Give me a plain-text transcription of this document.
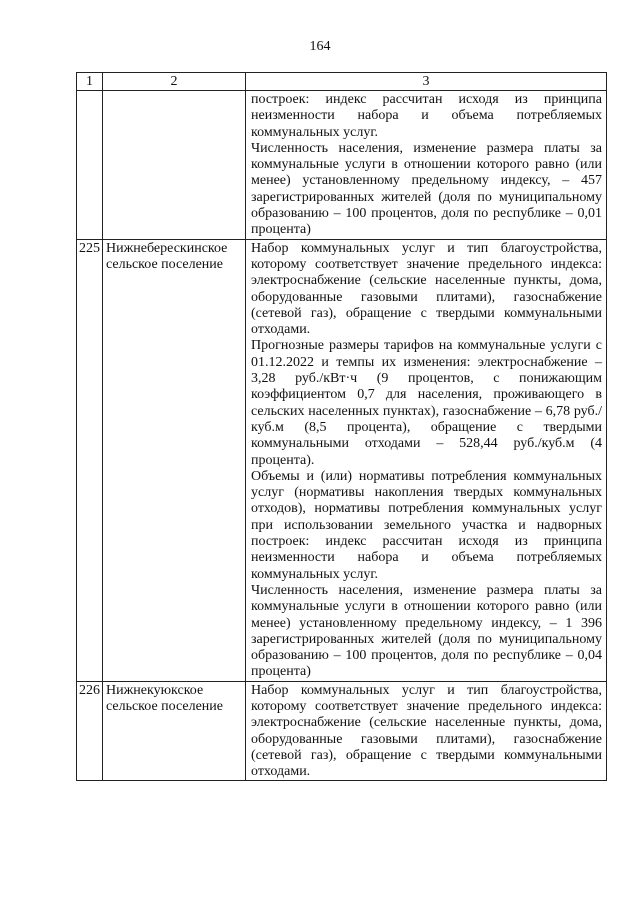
164
1	2	3

		построек: индекс рассчитан исходя из принципа неизменности набора и объема потребляемых коммунальных услуг.

Численность населения, изменение размера платы за коммунальные услуги в отношении которого равно (или менее) установленному предельному индексу, – 457 зарегистрированных жителей (доля по муниципальному образованию – 100 процентов, доля по республике – 0,01 процента)

225	Нижнеберескинское сельское поселение	Набор коммунальных услуг и тип благоустройства, которому соответствует значение предельного индекса: электроснабжение (сельские населенные пункты, дома, оборудованные газовыми плитами), газоснабжение (сетевой газ), обращение с твердыми коммунальными отходами.

Прогнозные размеры тарифов на коммунальные услуги с 01.12.2022 и темпы их изменения: электроснабжение – 3,28 руб./кВт·ч (9 процентов, с понижающим коэффициентом 0,7 для населения, проживающего в сельских населенных пунктах), газоснабжение – 6,78 руб./куб.м (8,5 процента), обращение с твердыми коммунальными отходами – 528,44 руб./куб.м (4 процента).

Объемы и (или) нормативы потребления коммунальных услуг (нормативы накопления твердых коммунальных отходов), нормативы потребления коммунальных услуг при использовании земельного участка и надворных построек: индекс рассчитан исходя из принципа неизменности набора и объема потребляемых коммунальных услуг.

Численность населения, изменение размера платы за коммунальные услуги в отношении которого равно (или менее) установленному предельному индексу, – 1 396 зарегистрированных жителей (доля по муниципальному образованию – 100 процентов, доля по республике – 0,04 процента)

226	Нижнекуюкское сельское поселение	Набор коммунальных услуг и тип благоустройства, которому соответствует значение предельного индекса: электроснабжение (сельские населенные пункты, дома, оборудованные газовыми плитами), газоснабжение (сетевой газ), обращение с твердыми коммунальными отходами.
